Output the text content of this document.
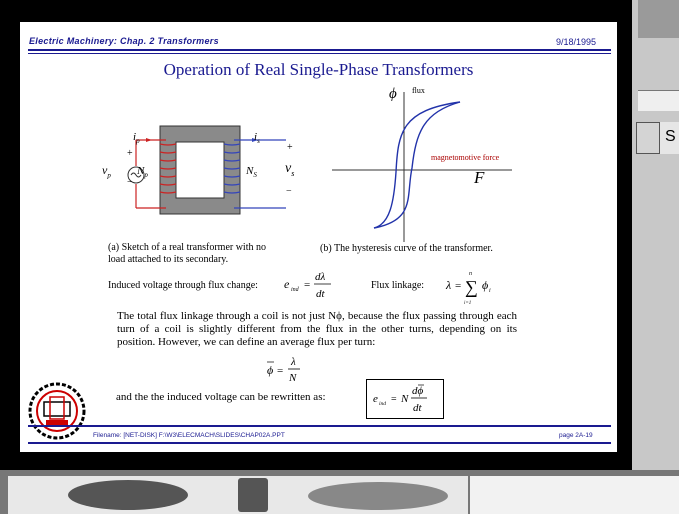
S
Electric Machinery: Chap. 2 Transformers	9/18/1995
Operation of Real Single-Phase Transformers
$i_p$	$i_s$
+
−
$v_p$ $N_p$	$N_S$
+
$v_s$
−
(a) Sketch of a real transformer with no
load attached to its secondary.
ϕ flux
magnetomotive force
F
(b) The hysteresis curve of the transformer.
Induced voltage through flux change: e ind =
dλ
dt
Flux linkage: λ =
n
∑
i=1
ϕ i
The total flux linkage through a coil is not just Nϕ, because the flux passing through each turn of a coil is slightly different from the flux in the other turns, depending on its position. However, we can define an average flux per turn:
ϕ =
λ
N
and the the induced voltage can be rewritten as:	e ind = N
dϕ
dt
Filename: [NET-DISK] F:\W3\ELECMACH\SLIDES\CHAP02A.PPT	page 2A-19
